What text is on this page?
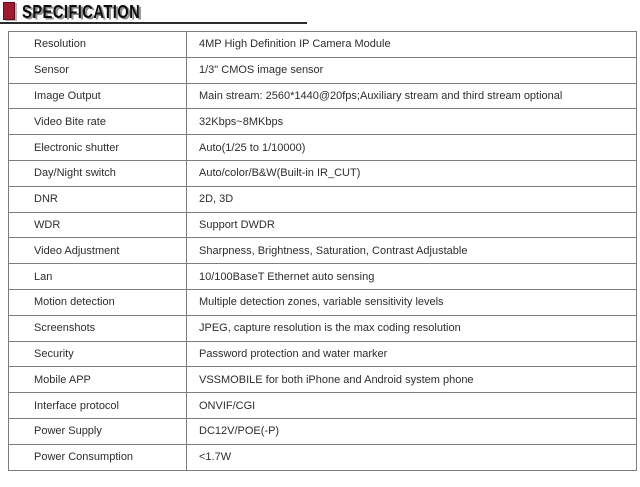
SPECIFICATION
Resolution	4MP High Definition IP Camera Module
Sensor	1/3" CMOS image sensor
Image Output	Main stream: 2560*1440@20fps;Auxiliary stream and third stream optional
Video Bite rate	32Kbps~8MKbps
Electronic shutter	Auto(1/25 to 1/10000)
Day/Night switch	Auto/color/B&W(Built-in IR_CUT)
DNR	2D, 3D
WDR	Support DWDR
Video Adjustment	Sharpness, Brightness, Saturation, Contrast Adjustable
Lan	10/100BaseT Ethernet auto sensing
Motion detection	Multiple detection zones, variable sensitivity levels
Screenshots	JPEG, capture resolution is the max coding resolution
Security	Password protection and water marker
Mobile APP	VSSMOBILE for both iPhone and Android system phone
Interface protocol	ONVIF/CGI
Power Supply	DC12V/POE(-P)
Power Consumption	<1.7W
